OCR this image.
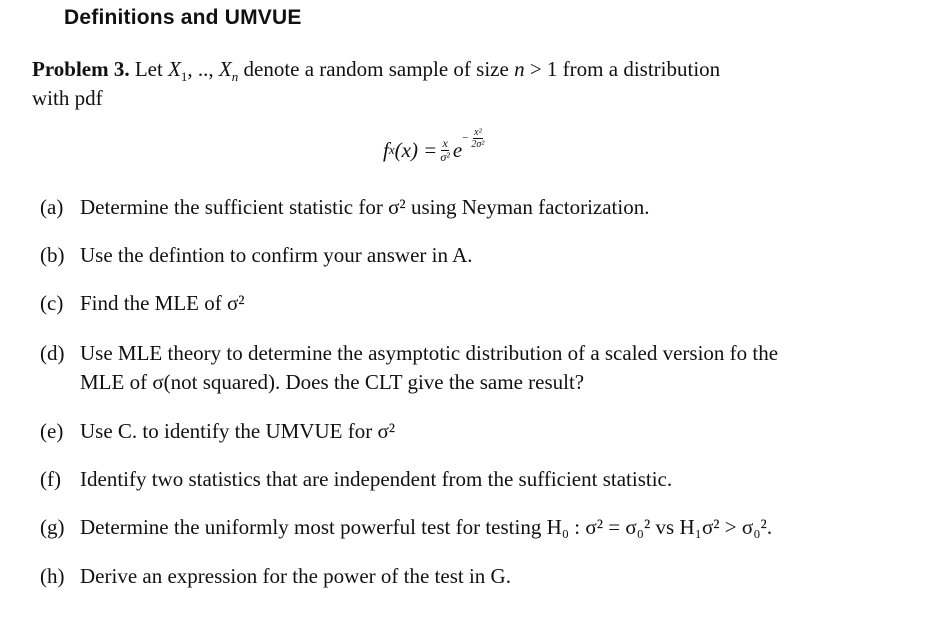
Definitions and UMVUE
Problem 3. Let $X_1$, .., $X_n$ denote a random sample of size n > 1 from a distribution
with pdf
f x $(x) = \frac{x}{\text{σ²}}$ $e - \frac{\text{x²}}{\text{2σ²}}$
(a) Determine the sufficient statistic for σ² using Neyman factorization.
(b) Use the defintion to confirm your answer in A.
(c) Find the MLE of σ²
(d) Use MLE theory to determine the asymptotic distribution of a scaled version fo the
MLE of σ(not squared). Does the CLT give the same result?
(e) Use C. to identify the UMVUE for σ²
(f) Identify two statistics that are independent from the sufficient statistic.
(g) Determine the uniformly most powerful test for testing H₀ : σ² = σ₀² vs H₁σ² > σ₀².
(h) Derive an expression for the power of the test in G.
